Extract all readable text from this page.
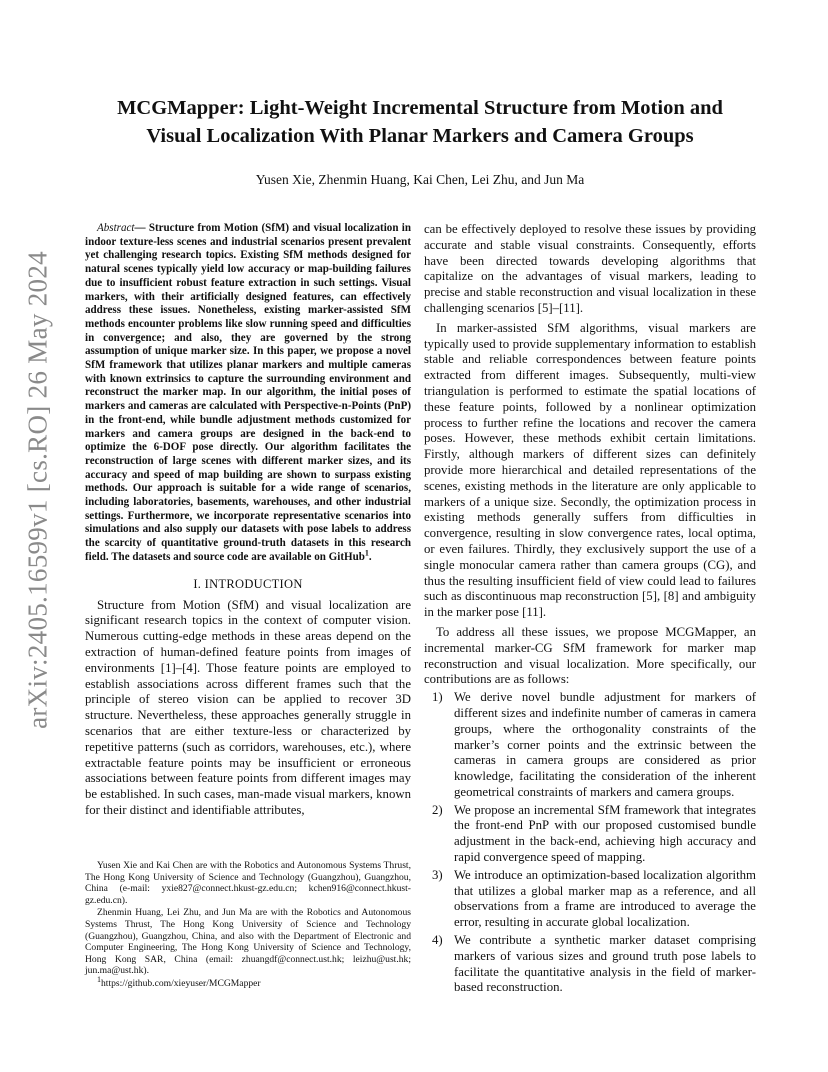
arXiv:2405.16599v1 [cs.RO] 26 May 2024
MCGMapper: Light-Weight Incremental Structure from Motion and
Visual Localization With Planar Markers and Camera Groups
Yusen Xie, Zhenmin Huang, Kai Chen, Lei Zhu, and Jun Ma

Abstract— Structure from Motion (SfM) and visual localization in indoor texture-less scenes and industrial scenarios present prevalent yet challenging research topics. Existing SfM methods designed for natural scenes typically yield low accuracy or map-building failures due to insufficient robust feature extraction in such settings. Visual markers, with their artificially designed features, can effectively address these issues. Nonetheless, existing marker-assisted SfM methods encounter problems like slow running speed and difficulties in convergence; and also, they are governed by the strong assumption of unique marker size. In this paper, we propose a novel SfM framework that utilizes planar markers and multiple cameras with known extrinsics to capture the surrounding environment and reconstruct the marker map. In our algorithm, the initial poses of markers and cameras are calculated with Perspective-n-Points (PnP) in the front-end, while bundle adjustment methods customized for markers and camera groups are designed in the back-end to optimize the 6-DOF pose directly. Our algorithm facilitates the reconstruction of large scenes with different marker sizes, and its accuracy and speed of map building are shown to surpass existing methods. Our approach is suitable for a wide range of scenarios, including laboratories, basements, warehouses, and other industrial settings. Furthermore, we incorporate representative scenarios into simulations and also supply our datasets with pose labels to address the scarcity of quantitative ground-truth datasets in this research field. The datasets and source code are available on GitHub$^1$.

I. INTRODUCTION

Structure from Motion (SfM) and visual localization are significant research topics in the context of computer vision. Numerous cutting-edge methods in these areas depend on the extraction of human-defined feature points from images of environments [1]–[4]. Those feature points are employed to establish associations across different frames such that the principle of stereo vision can be applied to recover 3D structure. Nevertheless, these approaches generally struggle in scenarios that are either texture-less or characterized by repetitive patterns (such as corridors, warehouses, etc.), where extractable feature points may be insufficient or erroneous associations between feature points from different images may be established. In such cases, man-made visual markers, known for their distinct and identifiable attributes,

Yusen Xie and Kai Chen are with the Robotics and Autonomous Systems Thrust, The Hong Kong University of Science and Technology (Guangzhou), Guangzhou, China (e-mail: yxie827@connect.hkust-gz.edu.cn; kchen916@connect.hkust-gz.edu.cn).

Zhenmin Huang, Lei Zhu, and Jun Ma are with the Robotics and Autonomous Systems Thrust, The Hong Kong University of Science and Technology (Guangzhou), Guangzhou, China, and also with the Department of Electronic and Computer Engineering, The Hong Kong University of Science and Technology, Hong Kong SAR, China (email: zhuangdf@connect.ust.hk; leizhu@ust.hk; jun.ma@ust.hk).

$^1$https://github.com/xieyuser/MCGMapper

can be effectively deployed to resolve these issues by providing accurate and stable visual constraints. Consequently, efforts have been directed towards developing algorithms that capitalize on the advantages of visual markers, leading to precise and stable reconstruction and visual localization in these challenging scenarios [5]–[11].

In marker-assisted SfM algorithms, visual markers are typically used to provide supplementary information to establish stable and reliable correspondences between feature points extracted from different images. Subsequently, multi-view triangulation is performed to estimate the spatial locations of these feature points, followed by a nonlinear optimization process to further refine the locations and recover the camera poses. However, these methods exhibit certain limitations. Firstly, although markers of different sizes can definitely provide more hierarchical and detailed representations of the scenes, existing methods in the literature are only applicable to markers of a unique size. Secondly, the optimization process in existing methods generally suffers from difficulties in convergence, resulting in slow convergence rates, local optima, or even failures. Thirdly, they exclusively support the use of a single monocular camera rather than camera groups (CG), and thus the resulting insufficient field of view could lead to failures such as discontinuous map reconstruction [5], [8] and ambiguity in the marker pose [11].

To address all these issues, we propose MCGMapper, an incremental marker-CG SfM framework for marker map reconstruction and visual localization. More specifically, our contributions are as follows:

1) We derive novel bundle adjustment for markers of different sizes and indefinite number of cameras in camera groups, where the orthogonality constraints of the marker’s corner points and the extrinsic between the cameras in camera groups are considered as prior knowledge, facilitating the consideration of the inherent geometrical constraints of markers and camera groups.
2) We propose an incremental SfM framework that integrates the front-end PnP with our proposed customised bundle adjustment in the back-end, achieving high accuracy and rapid convergence speed of mapping.
3) We introduce an optimization-based localization algorithm that utilizes a global marker map as a reference, and all observations from a frame are introduced to average the error, resulting in accurate global localization.
4) We contribute a synthetic marker dataset comprising markers of various sizes and ground truth pose labels to facilitate the quantitative analysis in the field of marker-based reconstruction.
